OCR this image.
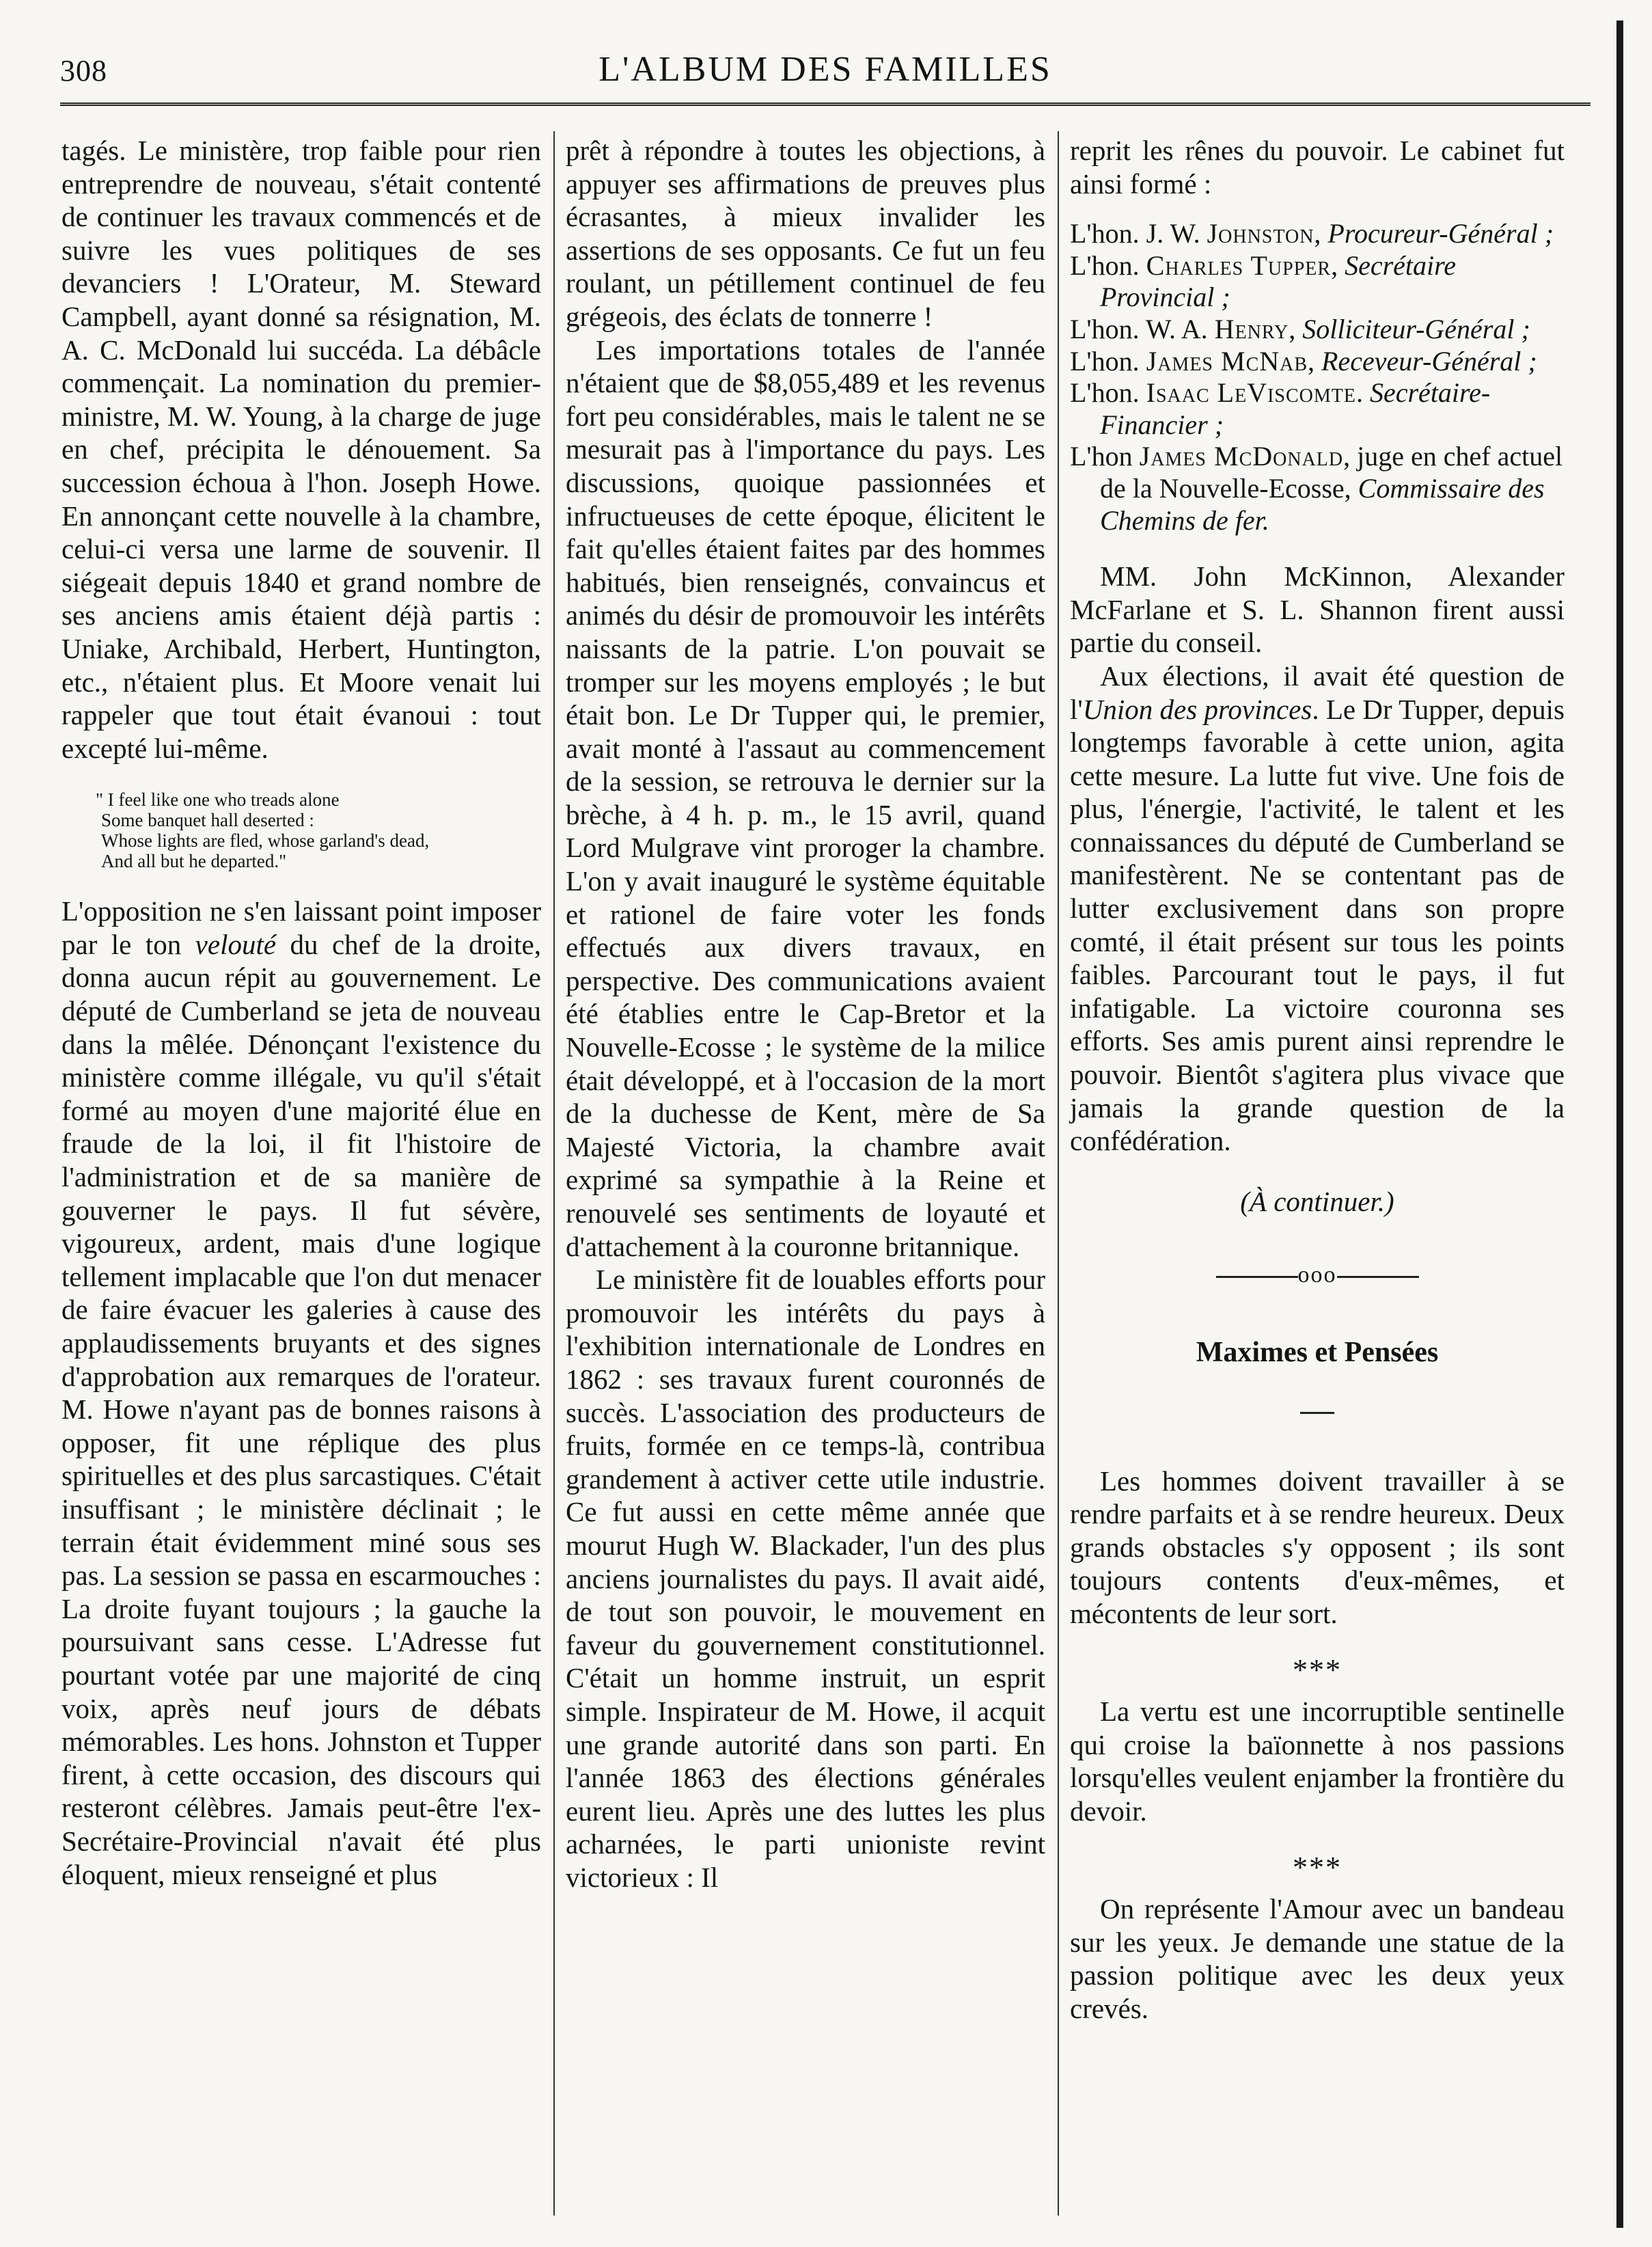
308	L'ALBUM DES FAMILLES

tagés. Le ministère, trop faible pour rien entreprendre de nouveau, s'était contenté de continuer les travaux commencés et de suivre les vues politiques de ses devanciers ! L'Orateur, M. Steward Campbell, ayant donné sa résignation, M. A. C. McDonald lui succéda. La débâcle commençait. La nomination du premier-ministre, M. W. Young, à la charge de juge en chef, précipita le dénouement. Sa succession échoua à l'hon. Joseph Howe. En annonçant cette nouvelle à la chambre, celui-ci versa une larme de souvenir. Il siégeait depuis 1840 et grand nombre de ses anciens amis étaient déjà partis : Uniake, Archibald, Herbert, Huntington, etc., n'étaient plus. Et Moore venait lui rappeler que tout était évanoui : tout excepté lui-même.

" I feel like one who treads alone
Some banquet hall deserted :
Whose lights are fled, whose garland's dead,
And all but he departed."

L'opposition ne s'en laissant point imposer par le ton velouté du chef de la droite, donna aucun répit au gouvernement. Le député de Cumberland se jeta de nouveau dans la mêlée. Dénonçant l'existence du ministère comme illégale, vu qu'il s'était formé au moyen d'une majorité élue en fraude de la loi, il fit l'histoire de l'administration et de sa manière de gouverner le pays. Il fut sévère, vigoureux, ardent, mais d'une logique tellement implacable que l'on dut menacer de faire évacuer les galeries à cause des applaudissements bruyants et des signes d'approbation aux remarques de l'orateur. M. Howe n'ayant pas de bonnes raisons à opposer, fit une réplique des plus spirituelles et des plus sarcastiques. C'était insuffisant ; le ministère déclinait ; le terrain était évidemment miné sous ses pas. La session se passa en escarmouches : La droite fuyant toujours ; la gauche la poursuivant sans cesse. L'Adresse fut pourtant votée par une majorité de cinq voix, après neuf jours de débats mémorables. Les hons. Johnston et Tupper firent, à cette occasion, des discours qui resteront célèbres. Jamais peut-être l'ex-Secrétaire-Provincial n'avait été plus éloquent, mieux renseigné et plus

prêt à répondre à toutes les objections, à appuyer ses affirmations de preuves plus écrasantes, à mieux invalider les assertions de ses opposants. Ce fut un feu roulant, un pétillement continuel de feu grégeois, des éclats de tonnerre !

Les importations totales de l'année n'étaient que de $8,055,489 et les revenus fort peu considérables, mais le talent ne se mesurait pas à l'importance du pays. Les discussions, quoique passionnées et infructueuses de cette époque, élicitent le fait qu'elles étaient faites par des hommes habitués, bien renseignés, convaincus et animés du désir de promouvoir les intérêts naissants de la patrie. L'on pouvait se tromper sur les moyens employés ; le but était bon. Le Dr Tupper qui, le premier, avait monté à l'assaut au commencement de la session, se retrouva le dernier sur la brèche, à 4 h. p. m., le 15 avril, quand Lord Mulgrave vint proroger la chambre. L'on y avait inauguré le système équitable et rationel de faire voter les fonds effectués aux divers travaux, en perspective. Des communications avaient été établies entre le Cap-Bretor et la Nouvelle-Ecosse ; le système de la milice était développé, et à l'occasion de la mort de la duchesse de Kent, mère de Sa Majesté Victoria, la chambre avait exprimé sa sympathie à la Reine et renouvelé ses sentiments de loyauté et d'attachement à la couronne britannique.

Le ministère fit de louables efforts pour promouvoir les intérêts du pays à l'exhibition internationale de Londres en 1862 : ses travaux furent couronnés de succès. L'association des producteurs de fruits, formée en ce temps-là, contribua grandement à activer cette utile industrie. Ce fut aussi en cette même année que mourut Hugh W. Blackader, l'un des plus anciens journalistes du pays. Il avait aidé, de tout son pouvoir, le mouvement en faveur du gouvernement constitutionnel. C'était un homme instruit, un esprit simple. Inspirateur de M. Howe, il acquit une grande autorité dans son parti. En l'année 1863 des élections générales eurent lieu. Après une des luttes les plus acharnées, le parti unioniste revint victorieux : Il

reprit les rênes du pouvoir. Le cabinet fut ainsi formé :

L'hon. J. W. Johnston, Procureur-Général ;
L'hon. Charles Tupper, Secrétaire Provincial ;
L'hon. W. A. Henry, Solliciteur-Général ;
L'hon. James McNab, Receveur-Général ;
L'hon. Isaac LeViscomte. Secrétaire-Financier ;
L'hon James McDonald, juge en chef actuel de la Nouvelle-Ecosse, Commissaire des Chemins de fer.

MM. John McKinnon, Alexander McFarlane et S. L. Shannon firent aussi partie du conseil.

Aux élections, il avait été question de l'Union des provinces. Le Dr Tupper, depuis longtemps favorable à cette union, agita cette mesure. La lutte fut vive. Une fois de plus, l'énergie, l'activité, le talent et les connaissances du député de Cumberland se manifestèrent. Ne se contentant pas de lutter exclusivement dans son propre comté, il était présent sur tous les points faibles. Parcourant tout le pays, il fut infatigable. La victoire couronna ses efforts. Ses amis purent ainsi reprendre le pouvoir. Bientôt s'agitera plus vivace que jamais la grande question de la confédération.

(À continuer.)

ooo
Maximes et Pensées

Les hommes doivent travailler à se rendre parfaits et à se rendre heureux. Deux grands obstacles s'y opposent ; ils sont toujours contents d'eux-mêmes, et mécontents de leur sort.

***

La vertu est une incorruptible sentinelle qui croise la baïonnette à nos passions lorsqu'elles veulent enjamber la frontière du devoir.

***

On représente l'Amour avec un bandeau sur les yeux. Je demande une statue de la passion politique avec les deux yeux crevés.
